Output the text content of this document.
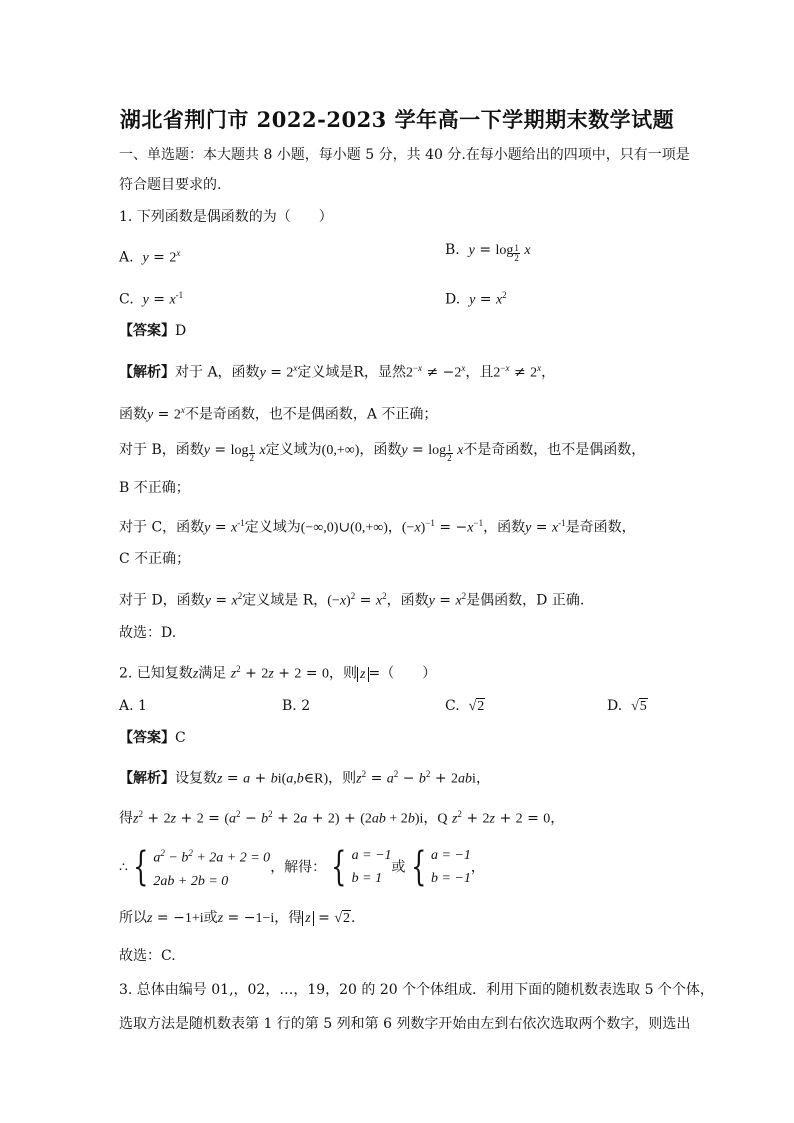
湖北省荆门市 2022-2023 学年高一下学期期末数学试题
一、单选题：本大题共 8 小题，每小题 5 分，共 40 分.在每小题给出的四项中，只有一项是
符合题目要求的.
1. 下列函数是偶函数的为（　　）
A. $y = 2^x$	B. $y = \log \frac{1}{2}$ x
C. $y = x^{-1}$	D. $y = x^2$
【答案】D
【解析】对于 A，函数$y = 2^x$定义域是R，显然$2^{-x} \ne -2^x$，且$2^{-x} \ne 2^x$，
函数$y = 2^x$不是奇函数，也不是偶函数，A 不正确；
对于 B，函数$y = \log \frac{1}{2}$ x定义域为(0,+∞)，函数$y = \log \frac{1}{2}$ x不是奇函数，也不是偶函数，
B 不正确；
对于 C，函数$y = x^{-1}$定义域为(−∞,0)∪(0,+∞)，$(-x)^{-1} = -x^{-1}$，函数$y = x^{-1}$是奇函数，
C 不正确；
对于 D，函数$y = x^2$定义域是 R，$(-x)^2 = x^2$，函数$y = x^2$是偶函数，D 正确.
故选：D.
2. 已知复数z满足 $z^2 + 2z + 2 = 0$，则 z =（　　）
A. 1	B. 2	C. √2	D. √5
【答案】C
【解析】设复数z = a + bi(a,b∈R)，则$z^2 = a^2 - b^2 + 2abi$，
得$z^2 + 2z + 2 = (a^2 - b^2 + 2a + 2) + (2ab + 2b)i$，Q $z^2 + 2z + 2 = 0$，
∴ { $a^2 - b^2 + 2a + 2 = 0$
2ab + 2b = 0，解得： { a = −1
b = 1或 { a = −1
b = −1，
所以z = −1+i或z = −1−i，得 z = √2.
故选：C.
3. 总体由编号 01,，02，…，19，20 的 20 个个体组成．利用下面的随机数表选取 5 个个体，
选取方法是随机数表第 1 行的第 5 列和第 6 列数字开始由左到右依次选取两个数字，则选出
